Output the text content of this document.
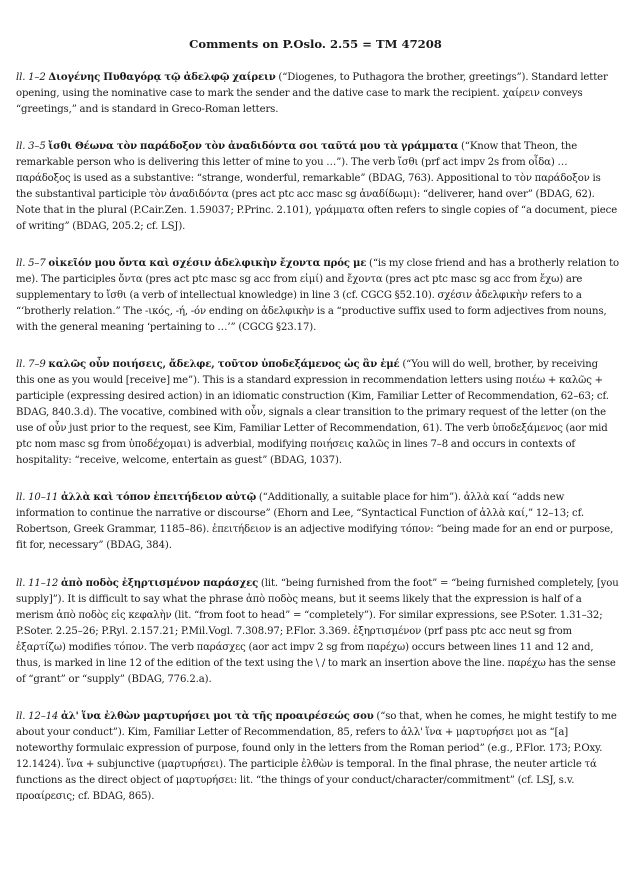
Comments on P.Oslo. 2.55 = TM 47208

ll. 1–2 Διογένης Πυθαγόρᾳ τῷ ἀδελφῷ χαίρειν (“Diogenes, to Puthagora the brother, greetings”). Standard letter opening, using the nominative case to mark the sender and the dative case to mark the recipient. χαίρειν conveys “greetings,” and is standard in Greco-Roman letters.

ll. 3–5 ἴσθι Θέωνα τὸν παράδοξον τὸν ἀναδιδόντα σοι ταῦτά μου τὰ γράμματα (“Know that Theon, the remarkable person who is delivering this letter of mine to you …”). The verb ἴσθι (prf act impv 2s from οἶδα) … παράδοξος is used as a substantive: “strange, wonderful, remarkable” (BDAG, 763). Appositional to τὸν παράδοξον is the substantival participle τὸν ἀναδιδόντα (pres act ptc acc masc sg ἀναδίδωμι): “deliverer, hand over” (BDAG, 62). Note that in the plural (P.Cair.Zen. 1.59037; P.Princ. 2.101), γράμματα often refers to single copies of “a document, piece of writing” (BDAG, 205.2; cf. LSJ).

ll. 5–7 οἰκεῖόν μου ὄντα καὶ σχέσιν ἀδελφικὴν ἔχοντα πρός με (“is my close friend and has a brotherly relation to me). The participles ὄντα (pres act ptc masc sg acc from εἰμί) and ἔχοντα (pres act ptc masc sg acc from ἔχω) are supplementary to ἴσθι (a verb of intellectual knowledge) in line 3 (cf. CGCG §52.10). σχέσιν ἀδελφικὴν refers to a “‘brotherly relation.” The -ικός, -ή, -όν ending on ἀδελφικὴν is a “productive suffix used to form adjectives from nouns, with the general meaning ‘pertaining to …’” (CGCG §23.17).

ll. 7–9 καλῶς οὖν ποιήσεις, ἄδελφε, τοῦτον ὑποδεξάμενος ὡς ἂν ἐμέ (“You will do well, brother, by receiving this one as you would [receive] me”). This is a standard expression in recommendation letters using ποιέω + καλῶς + participle (expressing desired action) in an idiomatic construction (Kim, Familiar Letter of Recommendation, 62–63; cf. BDAG, 840.3.d). The vocative, combined with οὖν, signals a clear transition to the primary request of the letter (on the use of οὖν just prior to the request, see Kim, Familiar Letter of Recommendation, 61). The verb ὑποδεξάμενος (aor mid ptc nom masc sg from ὑποδέχομαι) is adverbial, modifying ποιήσεις καλῶς in lines 7–8 and occurs in contexts of hospitality: “receive, welcome, entertain as guest” (BDAG, 1037).

ll. 10–11 ἀλλὰ καὶ τόπον ἐπειτήδειον αὐτῷ (“Additionally, a suitable place for him”). ἀλλὰ καί “adds new information to continue the narrative or discourse” (Ehorn and Lee, “Syntactical Function of ἀλλὰ καί,” 12–13; cf. Robertson, Greek Grammar, 1185–86). ἐπειτήδειον is an adjective modifying τόπον: “being made for an end or purpose, fit for, necessary” (BDAG, 384).

ll. 11–12 ἀπὸ ποδὸς ἐξηρτισμένον παράσχες (lit. “being furnished from the foot” = “being furnished completely, [you supply]”). It is difficult to say what the phrase ἀπὸ ποδὸς means, but it seems likely that the expression is half of a merism ἀπὸ ποδὸς εἰς κεφαλὴν (lit. “from foot to head” = “completely”). For similar expressions, see P.Soter. 1.31–32; P.Soter. 2.25–26; P.Ryl. 2.157.21; P.Mil.Vogl. 7.308.97; P.Flor. 3.369. ἐξηρτισμένον (prf pass ptc acc neut sg from ἐξαρτίζω) modifies τόπον. The verb παράσχες (aor act impv 2 sg from παρέχω) occurs between lines 11 and 12 and, thus, is marked in line 12 of the edition of the text using the \ / to mark an insertion above the line. παρέχω has the sense of “grant” or “supply” (BDAG, 776.2.a).

ll. 12–14 ἀλ' ἵνα ἐλθὼν μαρτυρήσει μοι τὰ τῆς προαιρέσεώς σου (“so that, when he comes, he might testify to me about your conduct”). Kim, Familiar Letter of Recommendation, 85, refers to ἀλλ' ἵνα + μαρτυρήσει μοι as “[a] noteworthy formulaic expression of purpose, found only in the letters from the Roman period” (e.g., P.Flor. 173; P.Oxy. 12.1424). ἵνα + subjunctive (μαρτυρήσει). The participle ἐλθὼν is temporal. In the final phrase, the neuter article τά functions as the direct object of μαρτυρήσει: lit. “the things of your conduct/character/commitment” (cf. LSJ, s.v. προαίρεσις; cf. BDAG, 865).
